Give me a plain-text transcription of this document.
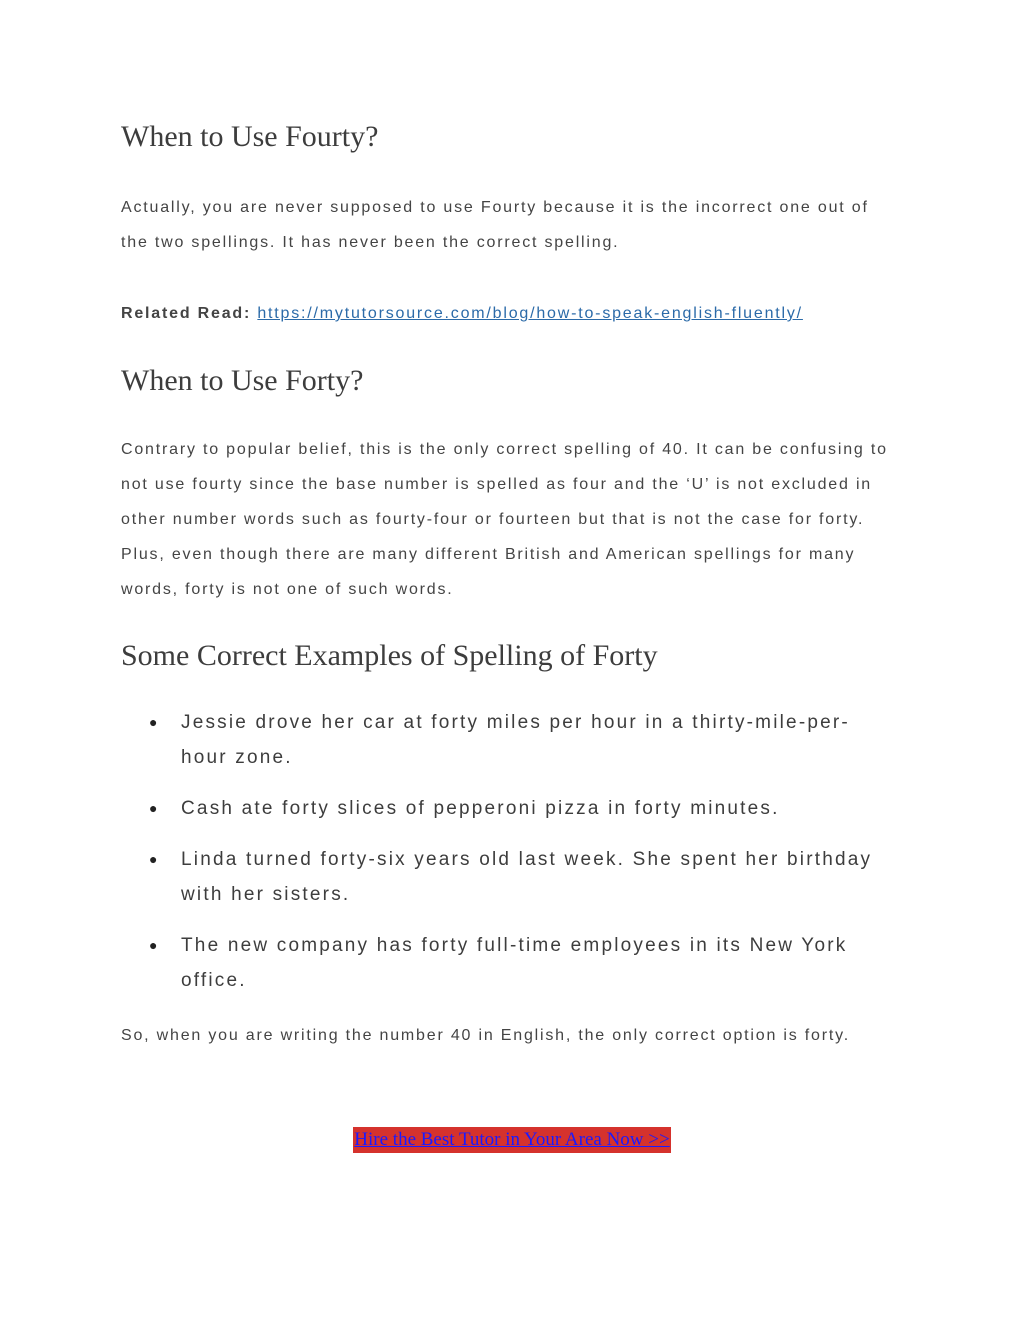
When to Use Fourty?

Actually, you are never supposed to use Fourty because it is the incorrect one out of the two spellings. It has never been the correct spelling.

Related Read: https://mytutorsource.com/blog/how-to-speak-english-fluently/
When to Use Forty?

Contrary to popular belief, this is the only correct spelling of 40. It can be confusing to not use fourty since the base number is spelled as four and the ‘U’ is not excluded in other number words such as fourty-four or fourteen but that is not the case for forty. Plus, even though there are many different British and American spellings for many words, forty is not one of such words.

Some Correct Examples of Spelling of Forty
● Jessie drove her car at forty miles per hour in a thirty-mile-per-hour zone.
● Cash ate forty slices of pepperoni pizza in forty minutes.
● Linda turned forty-six years old last week. She spent her birthday with her sisters.
● The new company has forty full-time employees in its New York office.

So, when you are writing the number 40 in English, the only correct option is forty.

Hire the Best Tutor in Your Area Now >>
